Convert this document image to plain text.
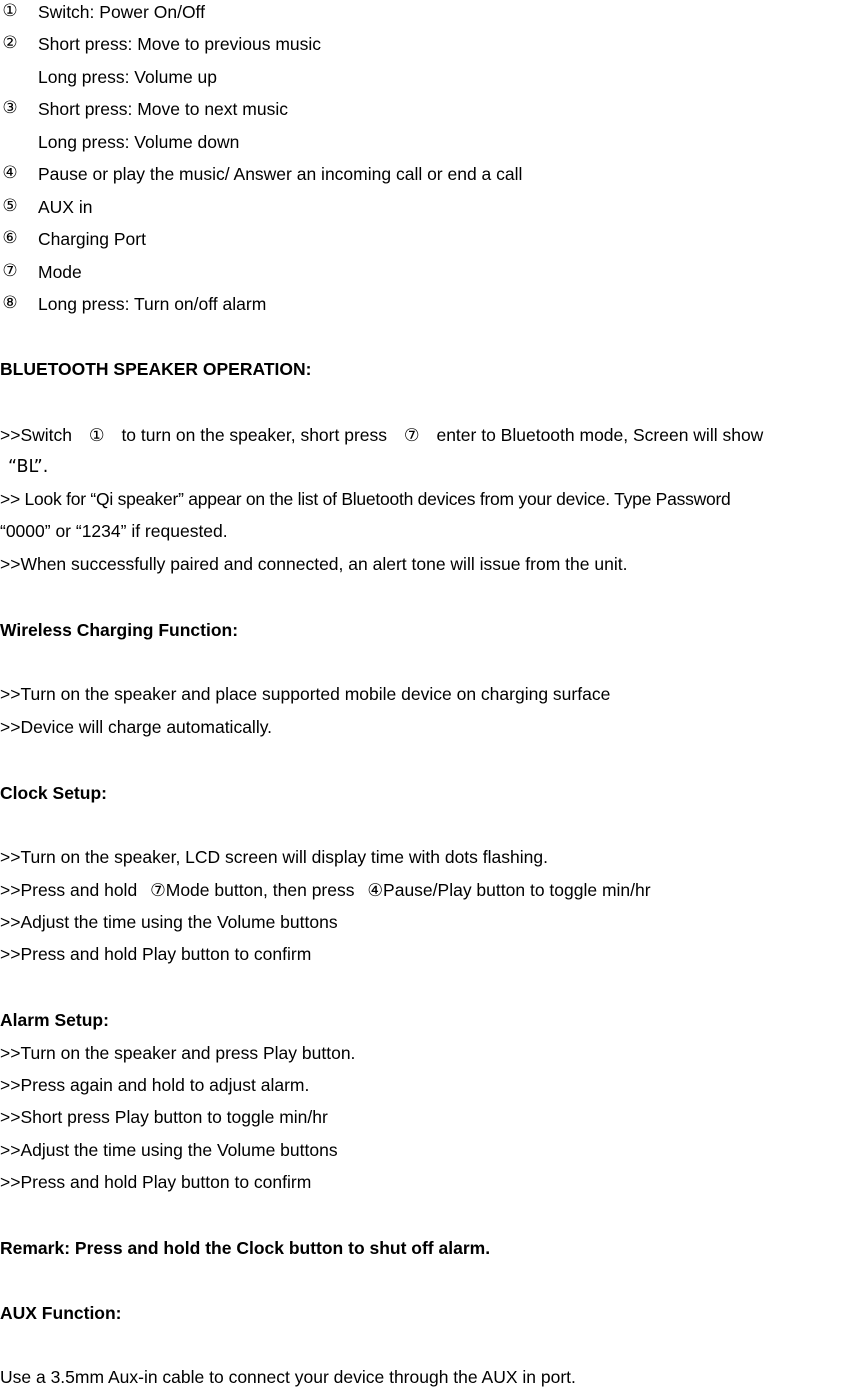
① Switch: Power On/Off
② Short press: Move to previous music
Long press: Volume up
③ Short press: Move to next music
Long press: Volume down
④ Pause or play the music/ Answer an incoming call or end a call
⑤ AUX in
⑥ Charging Port
⑦ Mode
⑧ Long press: Turn on/off alarm
BLUETOOTH SPEAKER OPERATION:
>>Switch ① to turn on the speaker, short press ⑦ enter to Bluetooth mode, Screen will show
“BL”.
>> Look for “Qi speaker” appear on the list of Bluetooth devices from your device. Type Password
“0000” or “1234” if requested.
>>When successfully paired and connected, an alert tone will issue from the unit.
Wireless Charging Function:
>>Turn on the speaker and place supported mobile device on charging surface
>>Device will charge automatically.
Clock Setup:
>>Turn on the speaker, LCD screen will display time with dots flashing.
>>Press and hold ⑦Mode button, then press ④Pause/Play button to toggle min/hr
>>Adjust the time using the Volume buttons
>>Press and hold Play button to confirm
Alarm Setup:
>>Turn on the speaker and press Play button.
>>Press again and hold to adjust alarm.
>>Short press Play button to toggle min/hr
>>Adjust the time using the Volume buttons
>>Press and hold Play button to confirm
Remark: Press and hold the Clock button to shut off alarm.
AUX Function:
Use a 3.5mm Aux-in cable to connect your device through the AUX in port.
